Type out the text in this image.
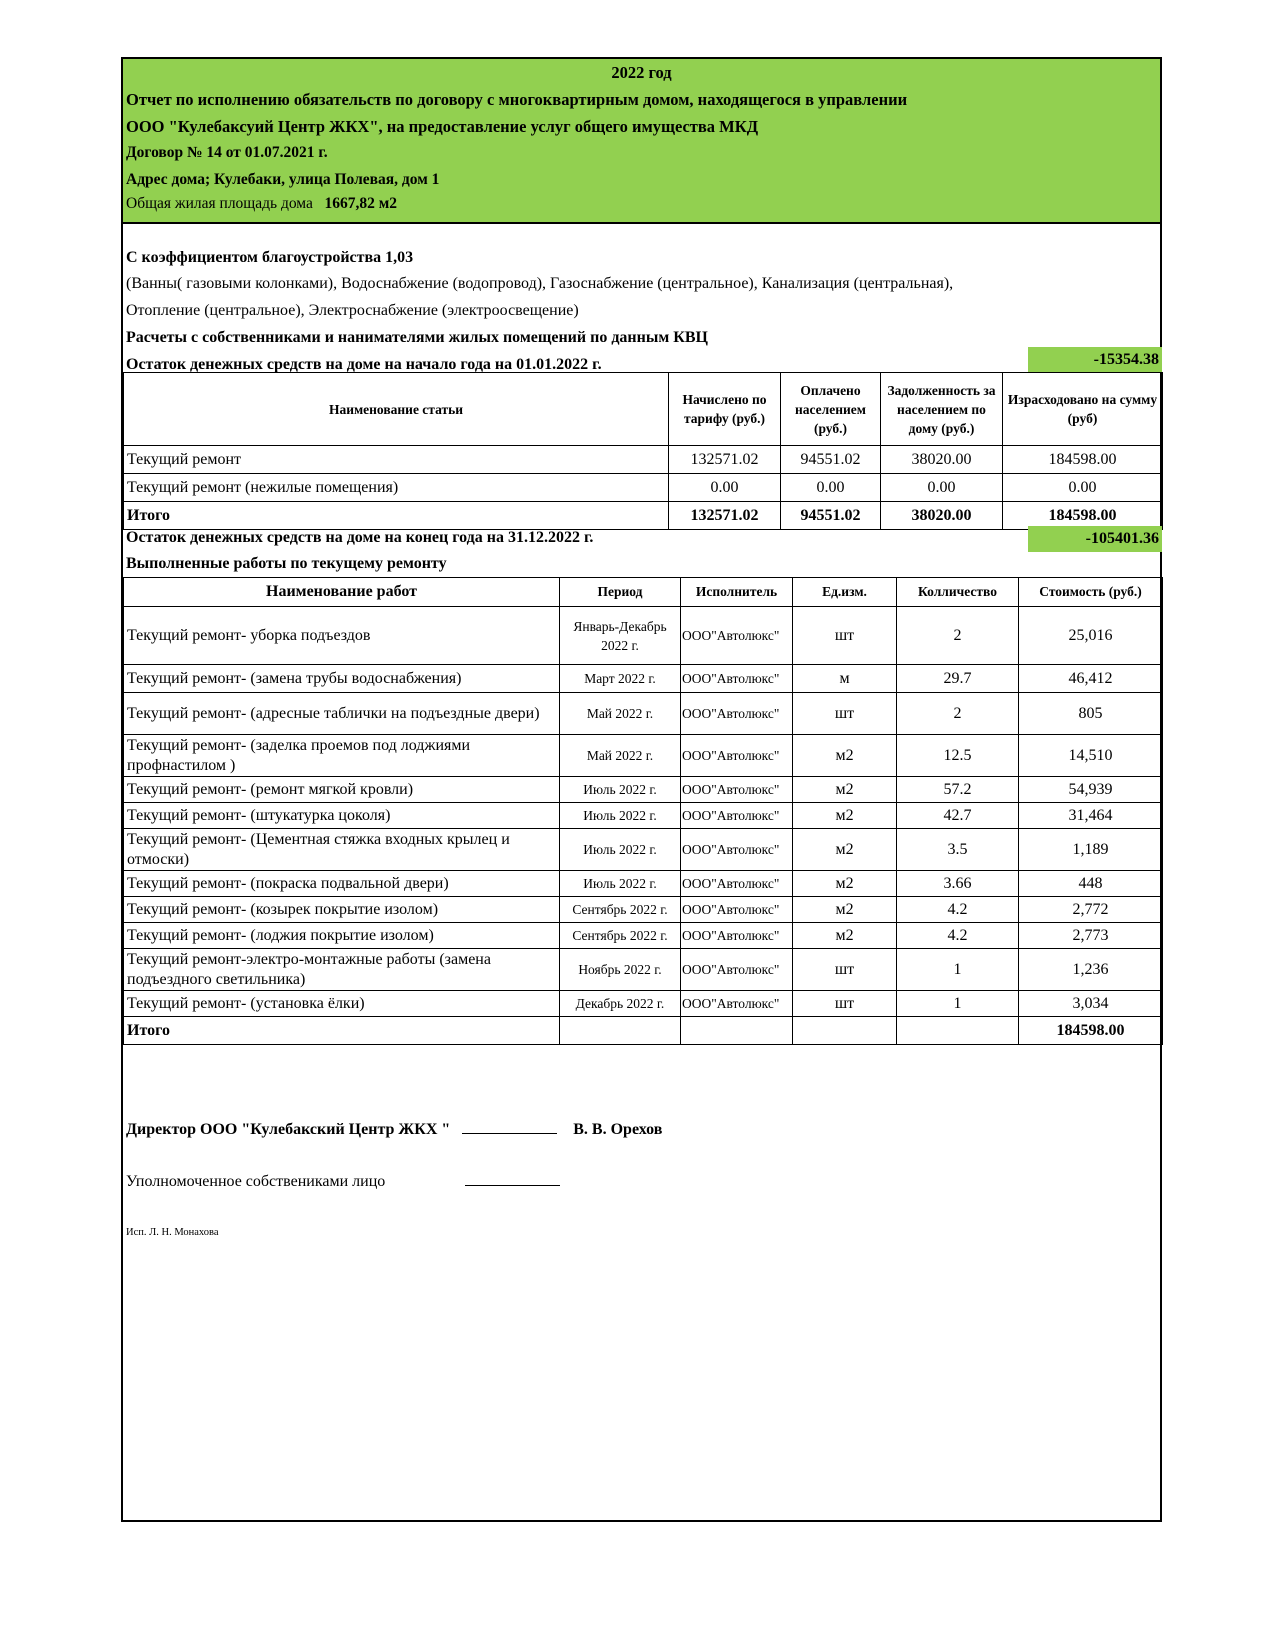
2022 год
Отчет по исполнению обязательств по договору с многоквартирным домом, находящегося в управлении
ООО "Кулебаксуий Центр ЖКХ", на предоставление услуг общего имущества МКД
Договор № 14 от 01.07.2021 г.
Адрес дома; Кулебаки, улица Полевая, дом 1
Общая жилая площадь дома 1667,82 м2
С коэффициентом благоустройства 1,03
(Ванны( газовыми колонками), Водоснабжение (водопровод), Газоснабжение (центральное), Канализация (центральная),
Отопление (центральное), Электроснабжение (электроосвещение)
Расчеты с собственниками и нанимателями жилых помещений по данным КВЦ
Остаток денежных средств на доме на начало года на 01.01.2022 г.	-15354.38
Наименование статьи	Начислено по тарифу (руб.)	Оплачено населением (руб.)	Задолженность за населением по дому (руб.)	Израсходовано на сумму (руб)
Текущий ремонт	132571.02	94551.02	38020.00	184598.00
Текущий ремонт (нежилые помещения)	0.00	0.00	0.00	0.00
Итого	132571.02	94551.02	38020.00	184598.00
Остаток денежных средств на доме на конец года на 31.12.2022 г.	-105401.36
Выполненные работы по текущему ремонту
Наименование работ	Период	Исполнитель	Ед.изм.	Колличество	Стоимость (руб.)
Текущий ремонт- уборка подъездов	Январь-Декабрь 2022 г.	ООО"Автолюкс"	шт	2	25,016
Текущий ремонт- (замена трубы водоснабжения)	Март 2022 г.	ООО"Автолюкс"	м	29.7	46,412
Текущий ремонт- (адресные таблички на подъездные двери)	Май 2022 г.	ООО"Автолюкс"	шт	2	805
Текущий ремонт- (заделка проемов под лоджиями профнастилом )	Май 2022 г.	ООО"Автолюкс"	м2	12.5	14,510
Текущий ремонт- (ремонт мягкой кровли)	Июль 2022 г.	ООО"Автолюкс"	м2	57.2	54,939
Текущий ремонт- (штукатурка цоколя)	Июль 2022 г.	ООО"Автолюкс"	м2	42.7	31,464
Текущий ремонт- (Цементная стяжка входных крылец и отмоски)	Июль 2022 г.	ООО"Автолюкс"	м2	3.5	1,189
Текущий ремонт- (покраска подвальной двери)	Июль 2022 г.	ООО"Автолюкс"	м2	3.66	448
Текущий ремонт- (козырек покрытие изолом)	Сентябрь 2022 г.	ООО"Автолюкс"	м2	4.2	2,772
Текущий ремонт- (лоджия покрытие изолом)	Сентябрь 2022 г.	ООО"Автолюкс"	м2	4.2	2,773
Текущий ремонт-электро-монтажные работы (замена подъездного светильника)	Ноябрь 2022 г.	ООО"Автолюкс"	шт	1	1,236
Текущий ремонт- (установка ёлки)	Декабрь 2022 г.	ООО"Автолюкс"	шт	1	3,034
Итого					184598.00
Директор ООО "Кулебакский Центр ЖКХ "	В. В. Орехов
Уполномоченное собствениками лицо
Исп. Л. Н. Монахова
